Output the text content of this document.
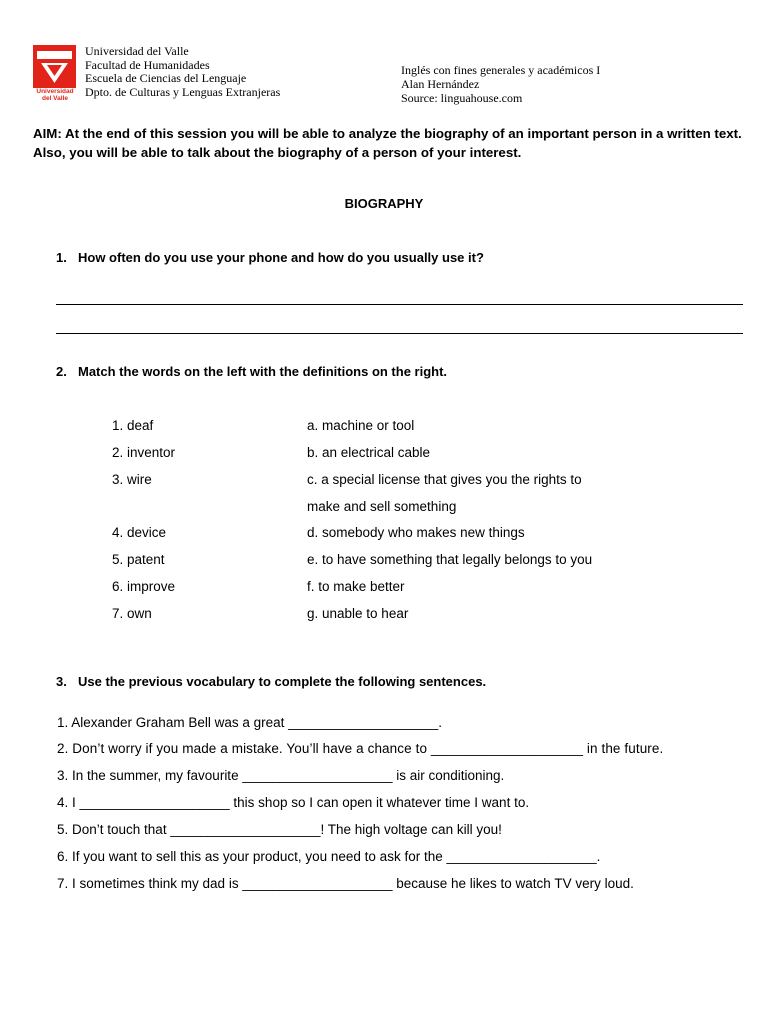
Universidad
del Valle
Universidad del Valle
Facultad de Humanidades
Escuela de Ciencias del Lenguaje
Dpto. de Culturas y Lenguas Extranjeras
Inglés con fines generales y académicos I
Alan Hernández
Source: linguahouse.com
AIM: At the end of this session you will be able to analyze the biography of an important person in a written text. Also, you will be able to talk about the biography of a person of your interest.
BIOGRAPHY
1. How often do you use your phone and how do you usually use it?
2. Match the words on the left with the definitions on the right.
1. deaf
2. inventor
3. wire
4. device
5. patent
6. improve
7. own
a. machine or tool
b. an electrical cable
c. a special license that gives you the rights to
make and sell something
d. somebody who makes new things
e. to have something that legally belongs to you
f. to make better
g. unable to hear
3. Use the previous vocabulary to complete the following sentences.
1. Alexander Graham Bell was a great ____________________.
2. Don’t worry if you made a mistake. You’ll have a chance to ____________________ in the future.
3. In the summer, my favourite ____________________ is air conditioning.
4. I ____________________ this shop so I can open it whatever time I want to.
5. Don’t touch that ____________________! The high voltage can kill you!
6. If you want to sell this as your product, you need to ask for the ____________________.
7. I sometimes think my dad is ____________________ because he likes to watch TV very loud.
